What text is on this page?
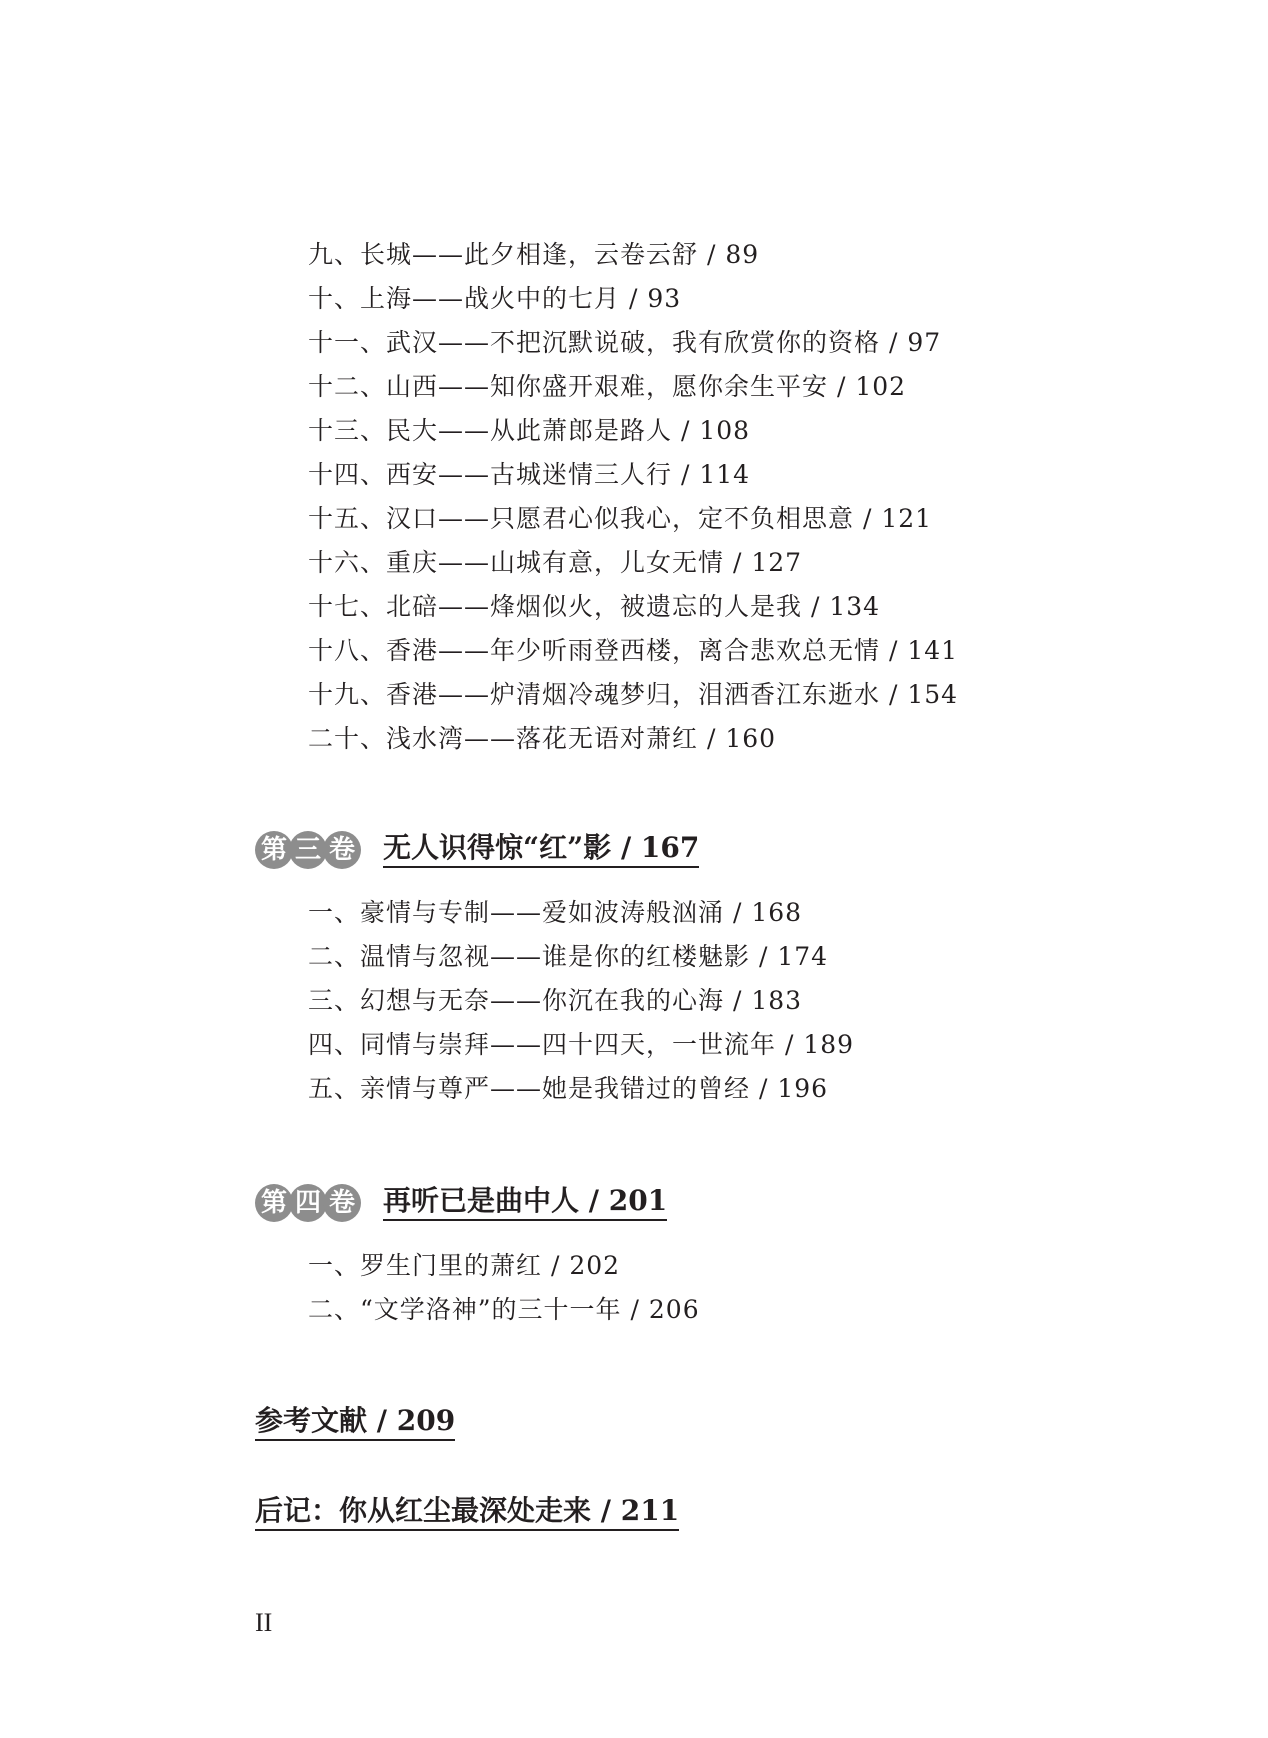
九、长城——此夕相逢，云卷云舒 / 89
十、上海——战火中的七月 / 93
十一、武汉——不把沉默说破，我有欣赏你的资格 / 97
十二、山西——知你盛开艰难，愿你余生平安 / 102
十三、民大——从此萧郎是路人 / 108
十四、西安——古城迷情三人行 / 114
十五、汉口——只愿君心似我心，定不负相思意 / 121
十六、重庆——山城有意，儿女无情 / 127
十七、北碚——烽烟似火，被遗忘的人是我 / 134
十八、香港——年少听雨登西楼，离合悲欢总无情 / 141
十九、香港——炉清烟冷魂梦归，泪洒香江东逝水 / 154
二十、浅水湾——落花无语对萧红 / 160
第 三 卷 无人识得惊“红”影 / 167
一、豪情与专制——爱如波涛般汹涌 / 168
二、温情与忽视——谁是你的红楼魅影 / 174
三、幻想与无奈——你沉在我的心海 / 183
四、同情与崇拜——四十四天，一世流年 / 189
五、亲情与尊严——她是我错过的曾经 / 196
第 四 卷 再听已是曲中人 / 201
一、罗生门里的萧红 / 202
二、“文学洛神”的三十一年 / 206
参考文献 / 209
后记：你从红尘最深处走来 / 211
II
